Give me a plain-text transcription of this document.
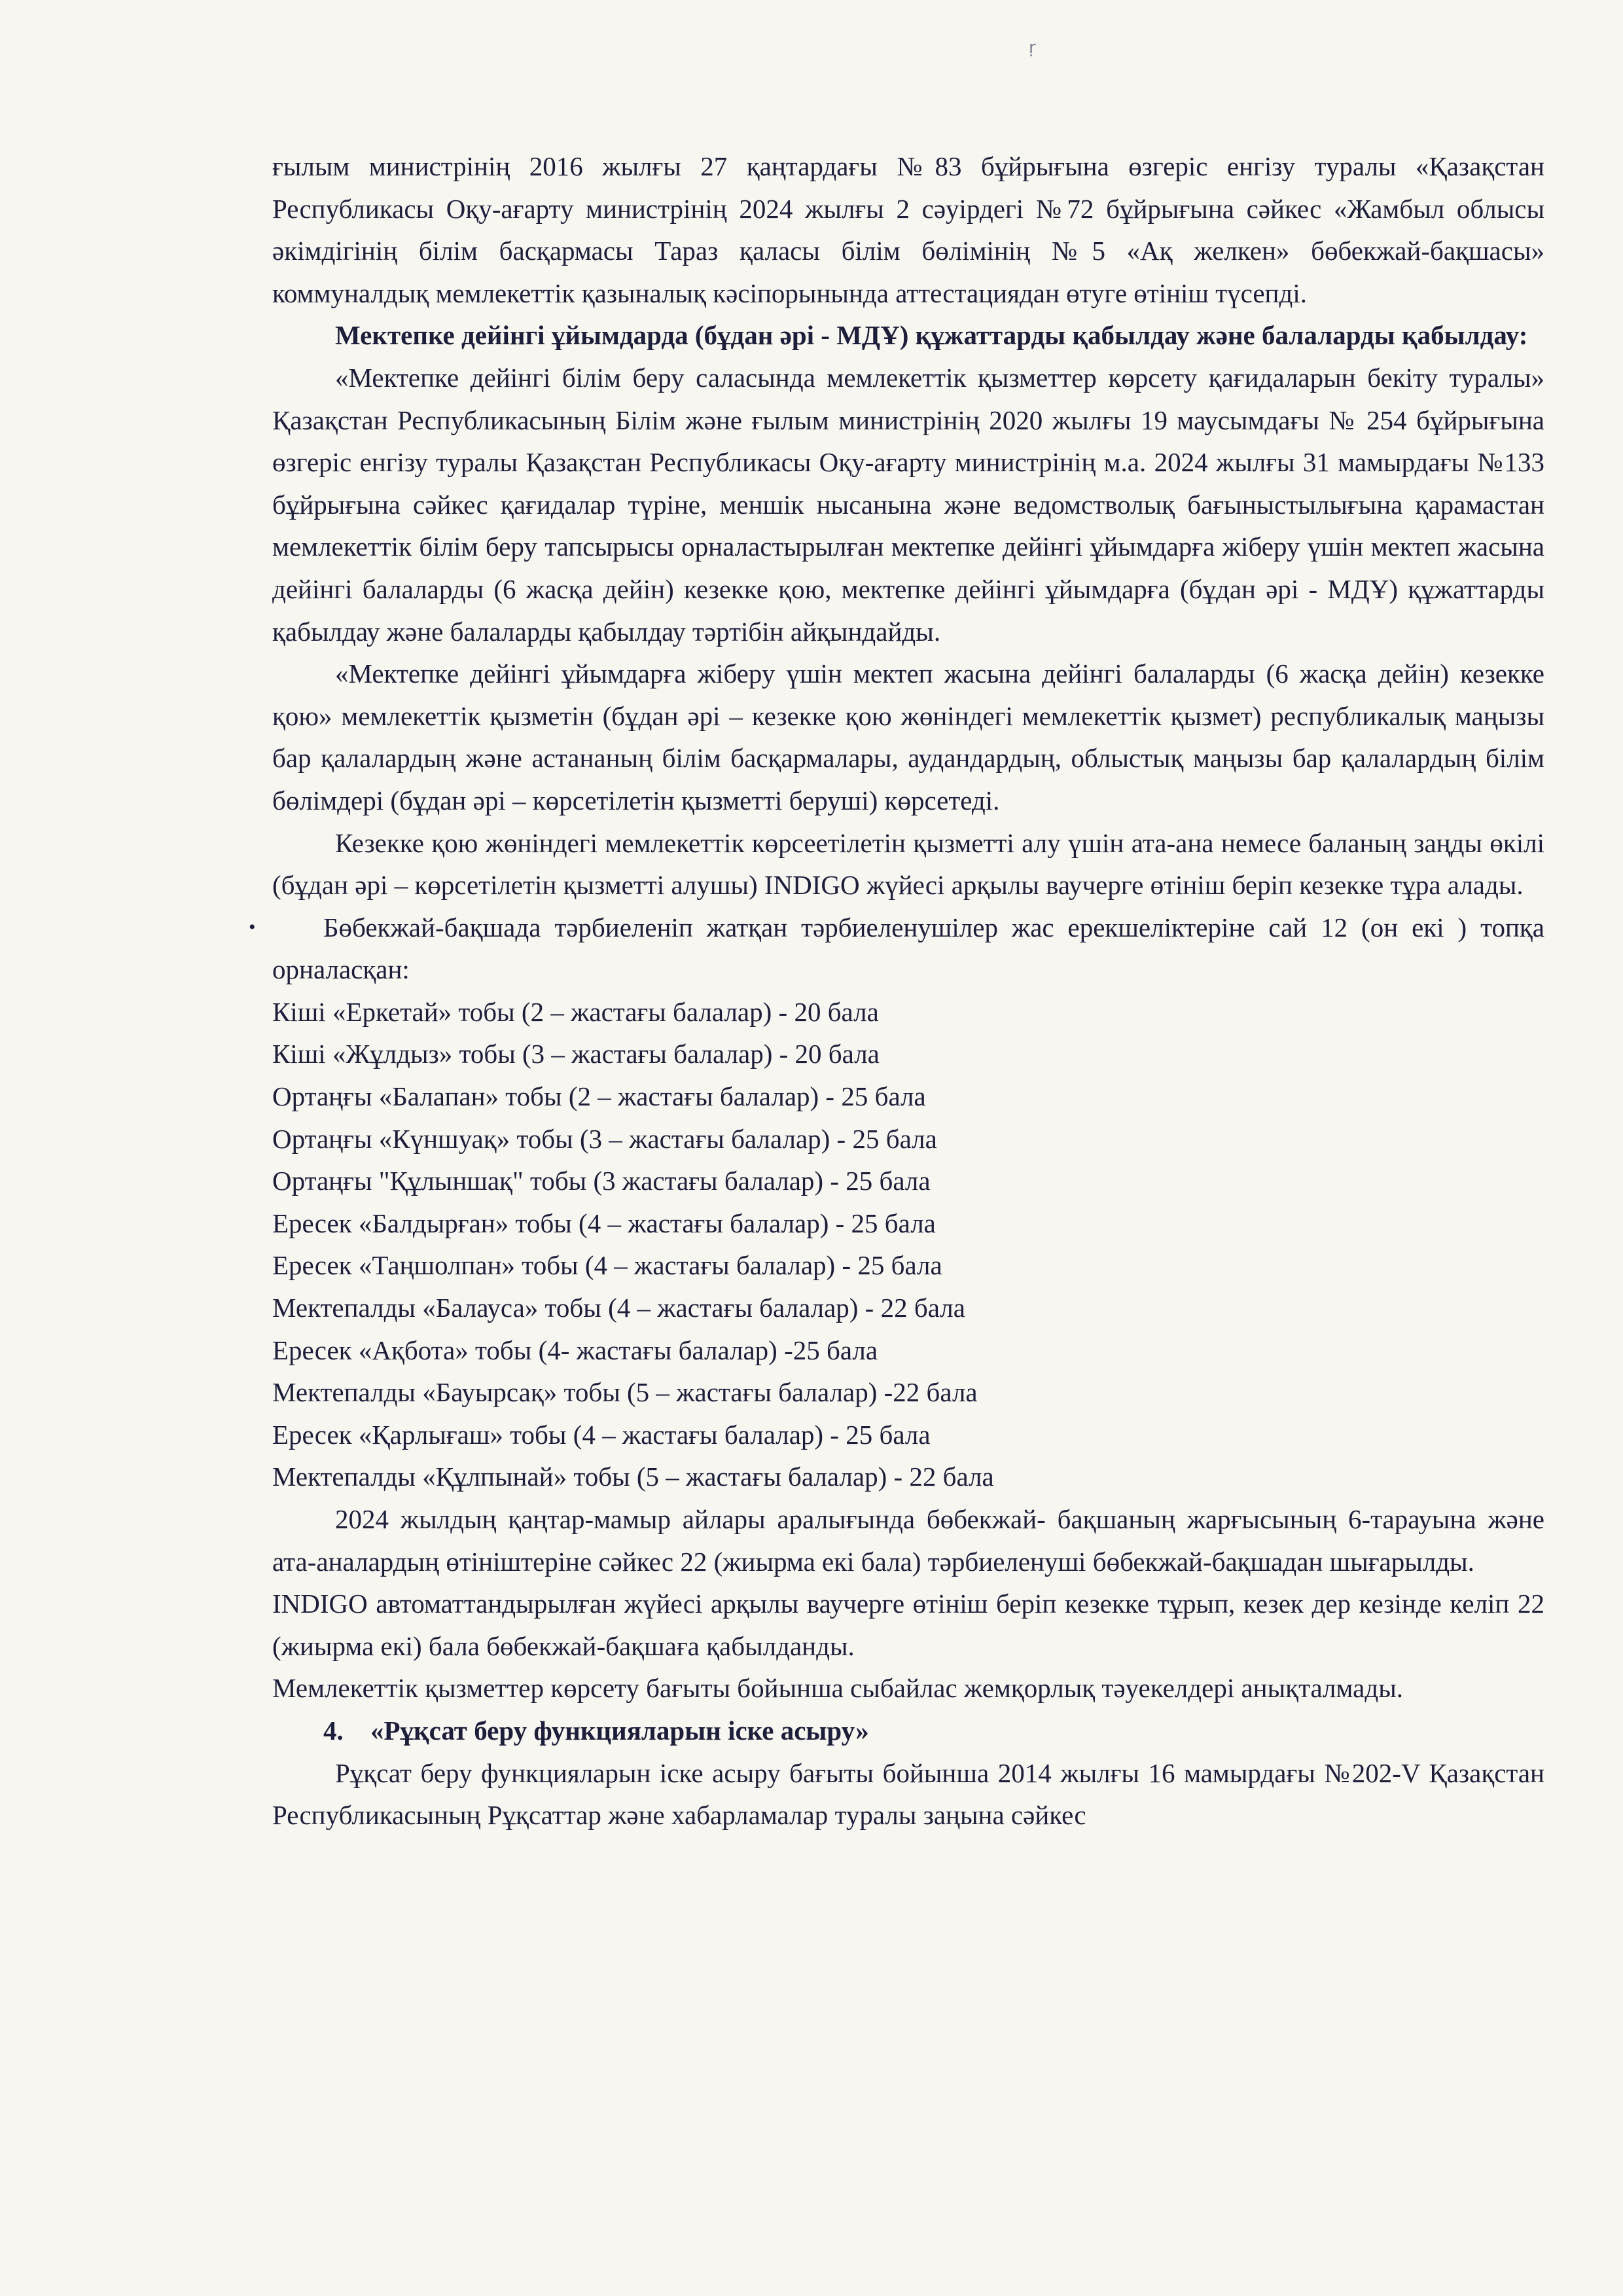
ṛ

ғылым министрінің 2016 жылғы 27 қаңтардағы №83 бұйрығына өзгеріс енгізу туралы «Қазақстан Республикасы Оқу-ағарту министрінің 2024 жылғы 2 сәуірдегі №72 бұйрығына сәйкес «Жамбыл облысы әкімдігінің білім басқармасы Тараз қаласы білім бөлімінің №5 «Ақ желкен» бөбекжай-бақшасы» коммуналдық мемлекеттік қазыналық кәсіпорынында аттестациядан өтуге өтініш түсепді.

Мектепке дейінгі ұйымдарда (бұдан әрі - МДҰ) құжаттарды қабылдау және балаларды қабылдау:

«Мектепке дейінгі білім беру саласында мемлекеттік қызметтер көрсету қағидаларын бекіту туралы» Қазақстан Республикасының Білім және ғылым министрінің 2020 жылғы 19 маусымдағы № 254 бұйрығына өзгеріс енгізу туралы Қазақстан Республикасы Оқу-ағарту министрінің м.а. 2024 жылғы 31 мамырдағы №133 бұйрығына сәйкес қағидалар түріне, меншік нысанына және ведомстволық бағыныстылығына қарамастан мемлекеттік білім беру тапсырысы орналастырылған мектепке дейінгі ұйымдарға жіберу үшін мектеп жасына дейінгі балаларды (6 жасқа дейін) кезекке қою, мектепке дейінгі ұйымдарға (бұдан әрі - МДҰ) құжаттарды қабылдау және балаларды қабылдау тәртібін айқындайды.

«Мектепке дейінгі ұйымдарға жіберу үшін мектеп жасына дейінгі балаларды (6 жасқа дейін) кезекке қою» мемлекеттік қызметін (бұдан әрі – кезекке қою жөніндегі мемлекеттік қызмет) республикалық маңызы бар қалалардың және астананың білім басқармалары, аудандардың, облыстық маңызы бар қалалардың білім бөлімдері (бұдан әрі – көрсетілетін қызметті беруші) көрсетеді.

Кезекке қою жөніндегі мемлекеттік көрсеетілетін қызметті алу үшін ата-ана немесе баланың заңды өкілі (бұдан әрі – көрсетілетін қызметті алушы) INDIGO жүйесі арқылы ваучерге өтініш беріп кезекке тұра алады.

•	Бөбекжай-бақшада тәрбиеленіп жатқан тәрбиеленушілер жас ерекшеліктеріне сай 12 (он екі ) топқа орналасқан:

Кіші «Еркетай» тобы (2 – жастағы балалар) - 20 бала

Кіші «Жұлдыз» тобы (3 – жастағы балалар) - 20 бала

Ортаңғы «Балапан» тобы (2 – жастағы балалар) - 25 бала

Ортаңғы «Күншуақ» тобы (3 – жастағы балалар) - 25 бала

Ортаңғы "Құлыншақ" тобы (3 жастағы балалар) - 25 бала

Ересек «Балдырған» тобы (4 – жастағы балалар) - 25 бала

Ересек «Таңшолпан» тобы (4 – жастағы балалар) - 25 бала

Мектепалды «Балауса» тобы (4 – жастағы балалар) - 22 бала

Ересек «Ақбота» тобы (4- жастағы балалар) -25 бала

Мектепалды «Бауырсақ» тобы (5 – жастағы балалар) -22 бала

Ересек «Қарлығаш» тобы (4 – жастағы балалар) - 25 бала

Мектепалды «Құлпынай» тобы (5 – жастағы балалар) - 22 бала

2024 жылдың қаңтар-мамыр айлары аралығында бөбекжай- бақшаның жарғысының 6-тарауына және ата-аналардың өтініштеріне сәйкес 22 (жиырма екі бала) тәрбиеленуші бөбекжай-бақшадан шығарылды.

INDIGO автоматтандырылған жүйесі арқылы ваучерге өтініш беріп кезекке тұрып, кезек дер кезінде келіп 22 (жиырма екі) бала бөбекжай-бақшаға қабылданды.

Мемлекеттік қызметтер көрсету бағыты бойынша сыбайлас жемқорлық тәуекелдері анықталмады.

4. «Рұқсат беру функцияларын іске асыру»

Рұқсат беру функцияларын іске асыру бағыты бойынша 2014 жылғы 16 мамырдағы №202-V Қазақстан Республикасының Рұқсаттар және хабарламалар туралы заңына сәйкес
